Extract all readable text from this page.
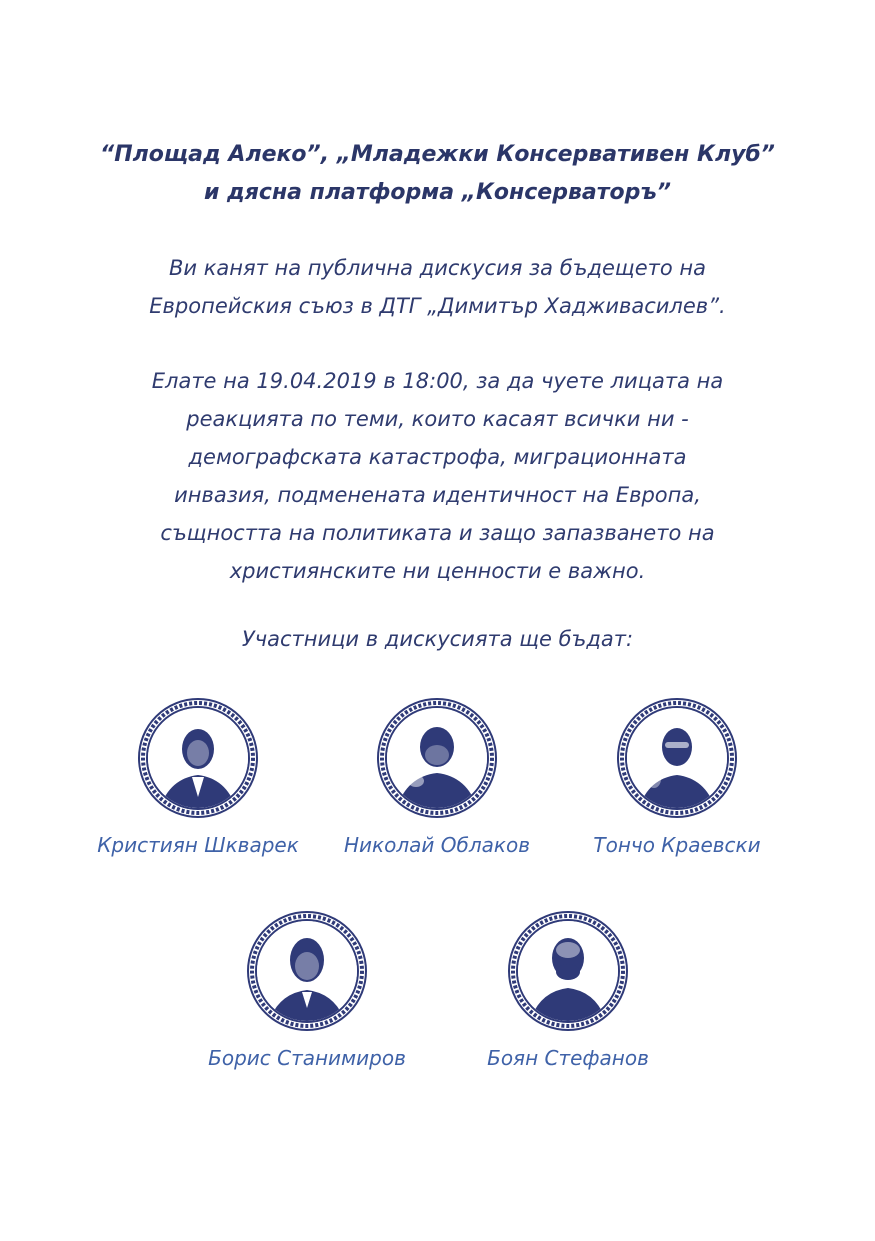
“Площад Алеко”, „Младежки Консервативен Клуб”
и дясна платформа „Консерваторъ”
Ви канят на публична дискусия за бъдещето на
Европейския съюз в ДТГ „Димитър Хадживасилев”.
Елате на 19.04.2019 в 18:00, за да чуете лицата на
реакцията по теми, които касаят всички ни -
демографската катастрофа, миграционната
инвазия, подменената идентичност на Европа,
същността на политиката и защо запазването на
християнските ни ценности е важно.
Участници в дискусията ще бъдат:
Кристиян Шкварек	Николай Облаков	Тончо Краевски
Борис Станимиров	Боян Стефанов
